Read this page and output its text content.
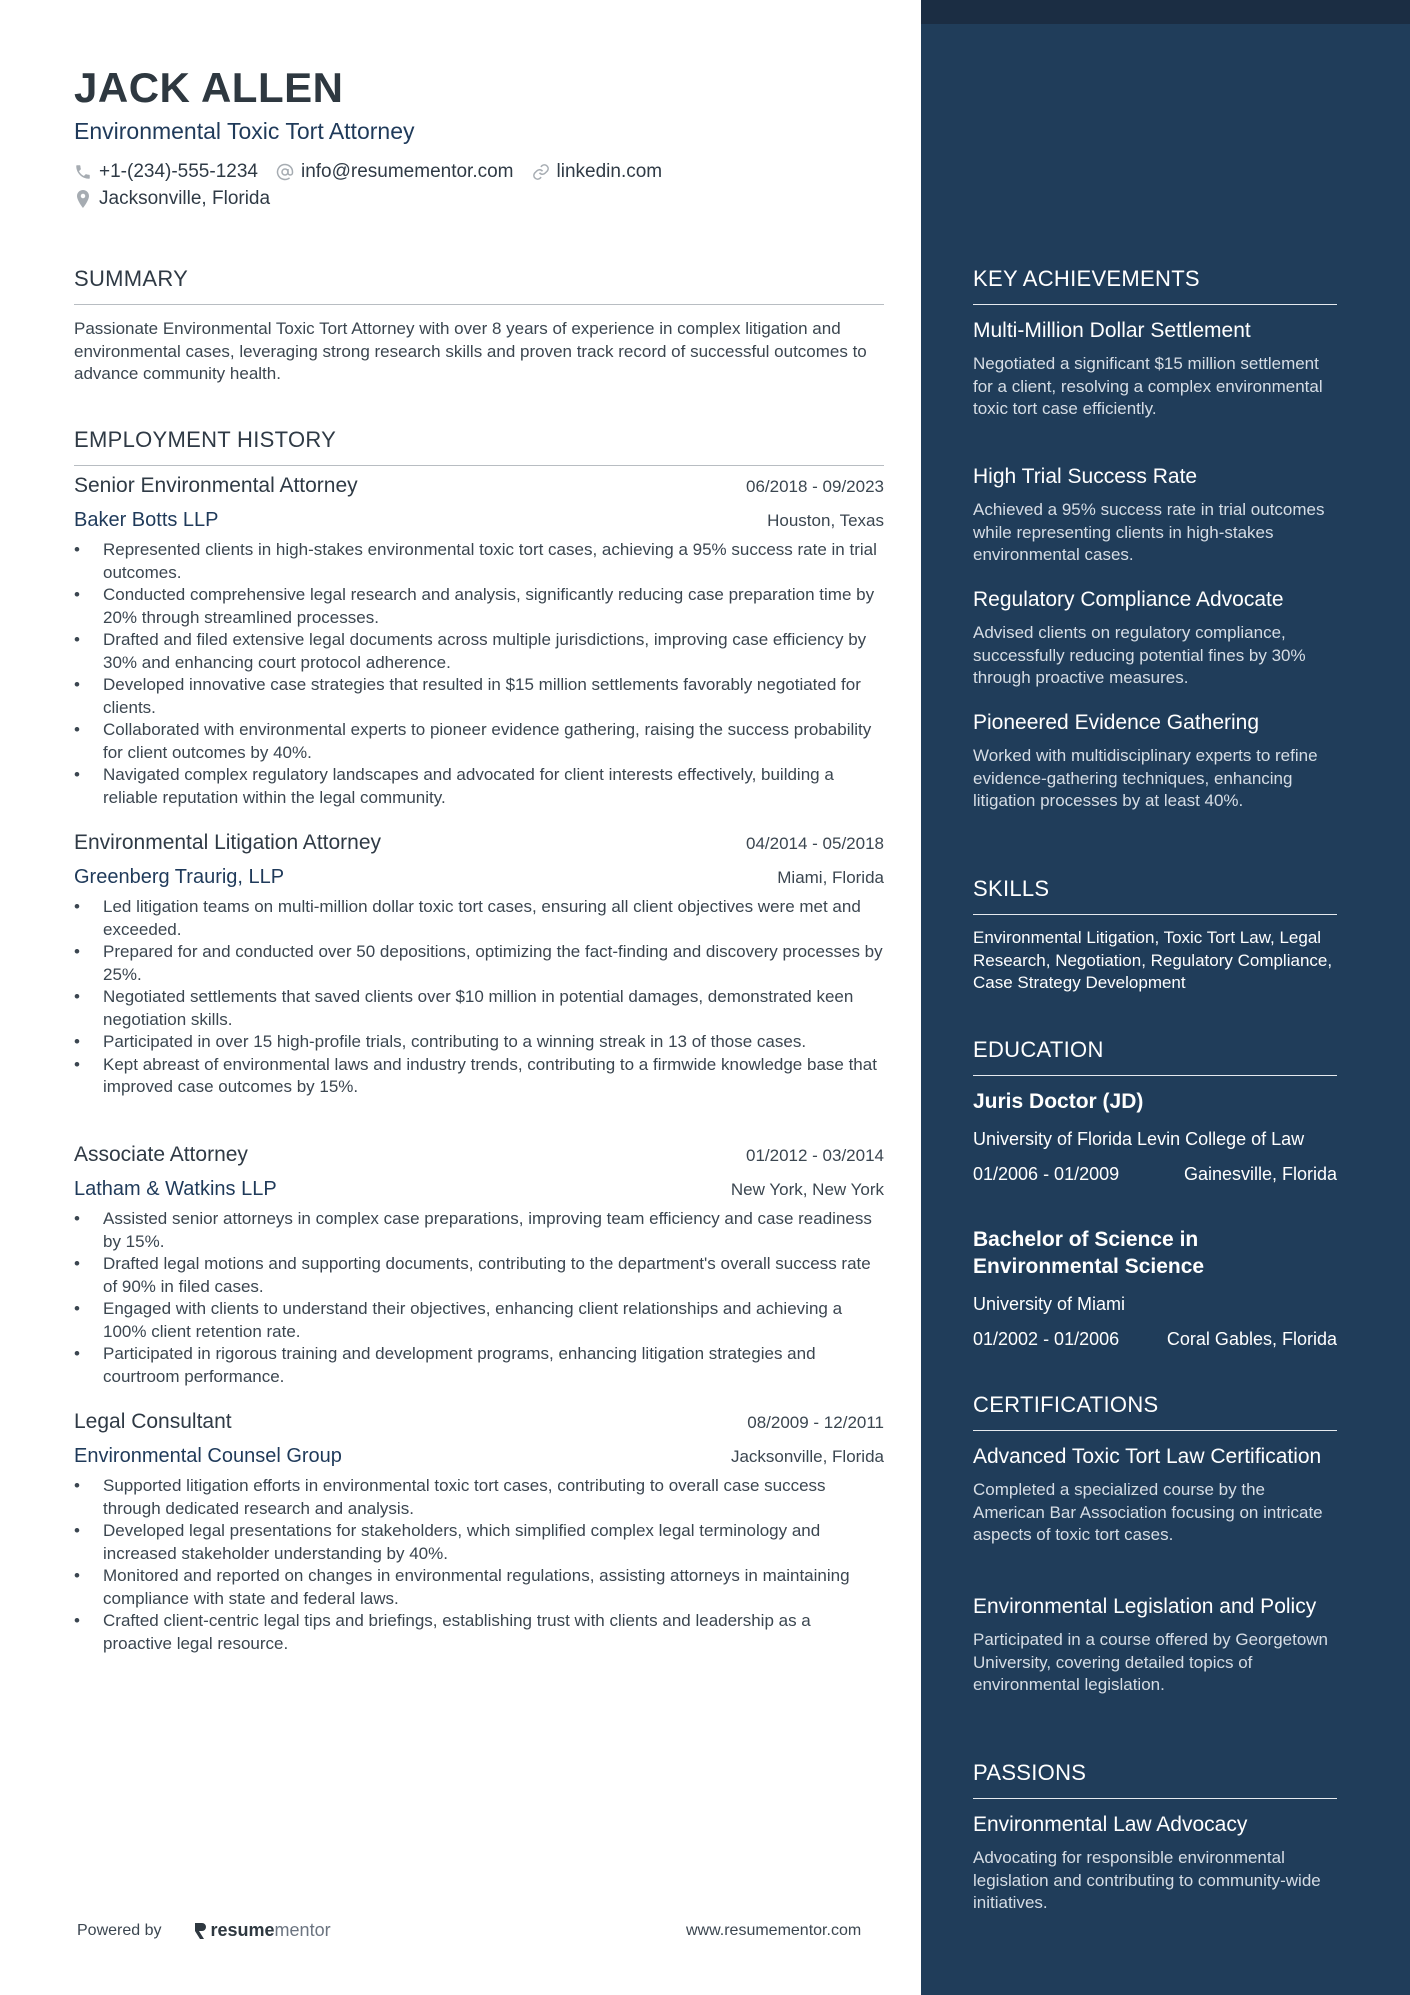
JACK ALLEN
Environmental Toxic Tort Attorney
+1-(234)-555-1234 info@resumementor.com linkedin.com
Jacksonville, Florida
SUMMARY
Passionate Environmental Toxic Tort Attorney with over 8 years of experience in complex litigation and environmental cases, leveraging strong research skills and proven track record of successful outcomes to advance community health.
EMPLOYMENT HISTORY
Senior Environmental Attorney	06/2018 - 09/2023
Baker Botts LLP	Houston, Texas
• Represented clients in high-stakes environmental toxic tort cases, achieving a 95% success rate in trial outcomes.
• Conducted comprehensive legal research and analysis, significantly reducing case preparation time by 20% through streamlined processes.
• Drafted and filed extensive legal documents across multiple jurisdictions, improving case efficiency by 30% and enhancing court protocol adherence.
• Developed innovative case strategies that resulted in $15 million settlements favorably negotiated for clients.
• Collaborated with environmental experts to pioneer evidence gathering, raising the success probability for client outcomes by 40%.
• Navigated complex regulatory landscapes and advocated for client interests effectively, building a reliable reputation within the legal community.
Environmental Litigation Attorney	04/2014 - 05/2018
Greenberg Traurig, LLP	Miami, Florida
• Led litigation teams on multi-million dollar toxic tort cases, ensuring all client objectives were met and exceeded.
• Prepared for and conducted over 50 depositions, optimizing the fact-finding and discovery processes by 25%.
• Negotiated settlements that saved clients over $10 million in potential damages, demonstrated keen negotiation skills.
• Participated in over 15 high-profile trials, contributing to a winning streak in 13 of those cases.
• Kept abreast of environmental laws and industry trends, contributing to a firmwide knowledge base that improved case outcomes by 15%.
Associate Attorney	01/2012 - 03/2014
Latham & Watkins LLP	New York, New York
• Assisted senior attorneys in complex case preparations, improving team efficiency and case readiness by 15%.
• Drafted legal motions and supporting documents, contributing to the department's overall success rate of 90% in filed cases.
• Engaged with clients to understand their objectives, enhancing client relationships and achieving a 100% client retention rate.
• Participated in rigorous training and development programs, enhancing litigation strategies and courtroom performance.
Legal Consultant	08/2009 - 12/2011
Environmental Counsel Group	Jacksonville, Florida
• Supported litigation efforts in environmental toxic tort cases, contributing to overall case success through dedicated research and analysis.
• Developed legal presentations for stakeholders, which simplified complex legal terminology and increased stakeholder understanding by 40%.
• Monitored and reported on changes in environmental regulations, assisting attorneys in maintaining compliance with state and federal laws.
• Crafted client-centric legal tips and briefings, establishing trust with clients and leadership as a proactive legal resource.
Powered by	resume mentor	www.resumementor.com
KEY ACHIEVEMENTS
Multi-Million Dollar Settlement
Negotiated a significant $15 million settlement for a client, resolving a complex environmental toxic tort case efficiently.
High Trial Success Rate
Achieved a 95% success rate in trial outcomes while representing clients in high-stakes environmental cases.
Regulatory Compliance Advocate
Advised clients on regulatory compliance, successfully reducing potential fines by 30% through proactive measures.
Pioneered Evidence Gathering
Worked with multidisciplinary experts to refine evidence-gathering techniques, enhancing litigation processes by at least 40%.
SKILLS
Environmental Litigation, Toxic Tort Law, Legal Research, Negotiation, Regulatory Compliance, Case Strategy Development
EDUCATION
Juris Doctor (JD)
University of Florida Levin College of Law
01/2006 - 01/2009	Gainesville, Florida
Bachelor of Science in Environmental Science
University of Miami
01/2002 - 01/2006	Coral Gables, Florida
CERTIFICATIONS
Advanced Toxic Tort Law Certification
Completed a specialized course by the American Bar Association focusing on intricate aspects of toxic tort cases.
Environmental Legislation and Policy
Participated in a course offered by Georgetown University, covering detailed topics of environmental legislation.
PASSIONS
Environmental Law Advocacy
Advocating for responsible environmental legislation and contributing to community-wide initiatives.
